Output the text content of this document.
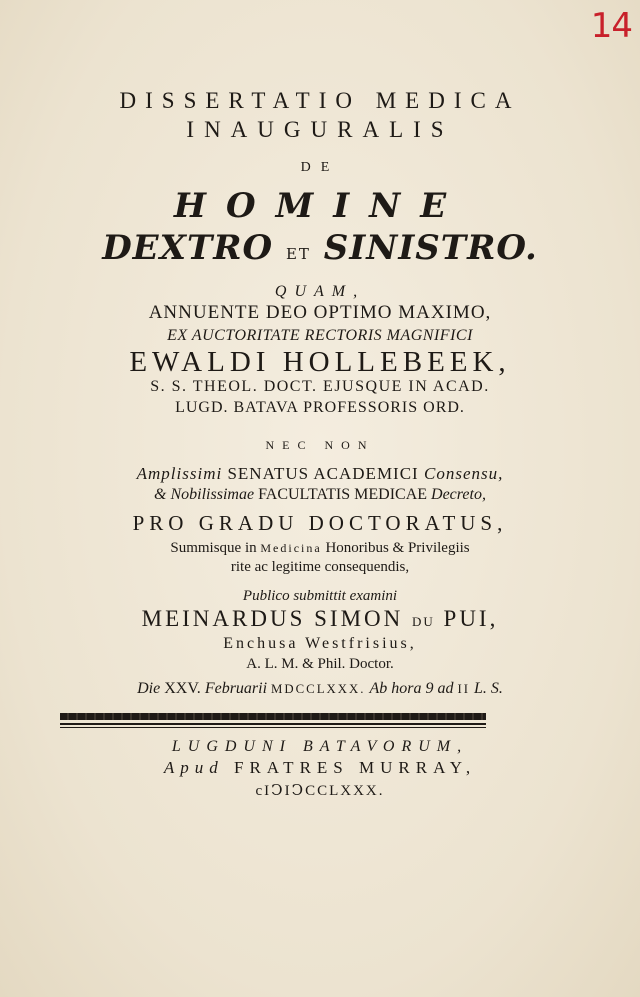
14
DISSERTATIO MEDICA
INAUGURALIS
DE
HOMINE
DEXTRO ET SINISTRO.
QUAM,
ANNUENTE DEO OPTIMO MAXIMO,
EX AUCTORITATE RECTORIS MAGNIFICI
EWALDI HOLLEBEEK,
S. S. THEOL. DOCT. EJUSQUE IN ACAD.
LUGD. BATAVA PROFESSORIS ORD.
NEC NON
Amplissimi SENATUS ACADEMICI Consensu,
& Nobilissimae FACULTATIS MEDICAE Decreto,
PRO GRADU DOCTORATUS,
Summisque in Medicina Honoribus & Privilegiis
rite ac legitime consequendis,
Publico submittit examini
MEINARDUS SIMON DU PUI,
Enchusa Westfrisius,
A. L. M. & Phil. Doctor.
Die XXV. Februarii MDCCLXXX. Ab hora 9 ad II L. S.
LUGDUNI BATAVORUM,
Apud FRATRES MURRAY,
cIↃIↃCCLXXX.
